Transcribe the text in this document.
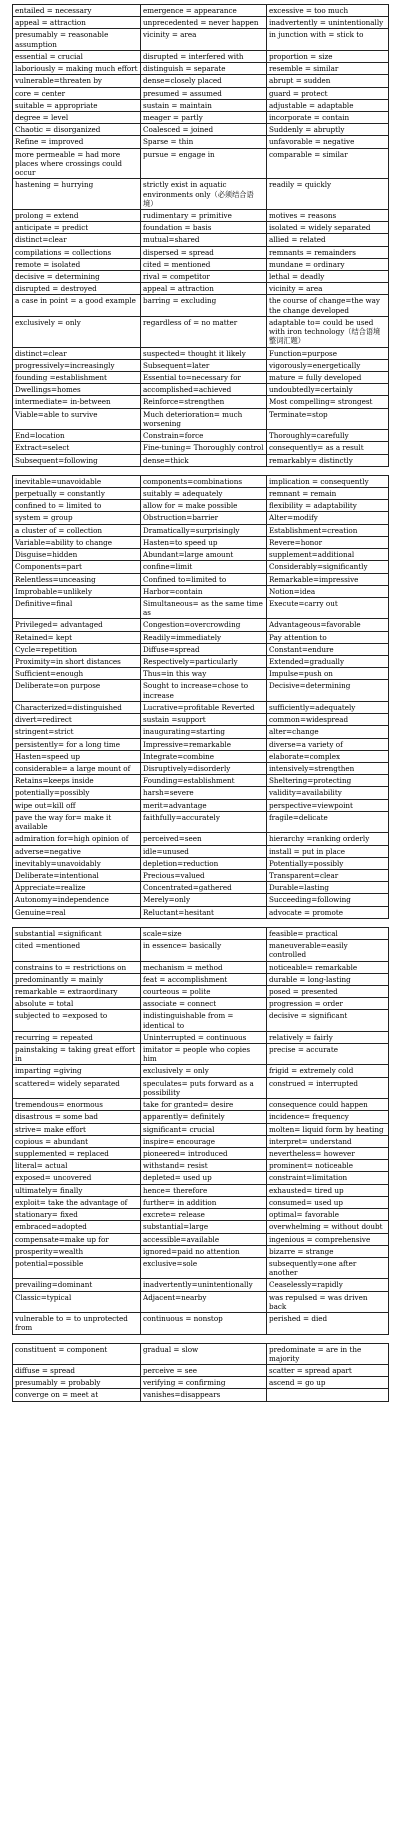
entailed = necessary	emergence = appearance	excessive = too much
appeal = attraction	unprecedented = never happen	inadvertently = unintentionally
presumably = reasonable assumption	vicinity = area	in junction with = stick to
essential = crucial	disrupted = interfered with	proportion = size
laboriously = making much effort	distinguish = separate	resemble = similar
vulnerable=threaten by	dense=closely placed	abrupt = sudden
core = center	presumed = assumed	guard = protect
suitable = appropriate	sustain = maintain	adjustable = adaptable
degree = level	meager = partly	incorporate = contain
Chaotic = disorganized	Coalesced = joined	Suddenly = abruptly
Refine = improved	Sparse = thin	unfavorable = negative
more permeable = had more places where crossings could occur	pursue = engage in	comparable = similar
hastening = hurrying	strictly exist in aquatic environments only（必须结合语境）	readily = quickly
prolong = extend	rudimentary = primitive	motives = reasons
anticipate = predict	foundation = basis	isolated = widely separated
distinct=clear	mutual=shared	allied = related
compilations = collections	dispersed = spread	remnants = remainders
remote = isolated	cited = mentioned	mundane = ordinary
decisive = determining	rival = competitor	lethal = deadly
disrupted = destroyed	appeal = attraction	vicinity = area
a case in point = a good example	barring = excluding	the course of change=the way the change developed
exclusively = only	regardless of = no matter	adaptable to= could be used with iron technology（结合语境整词汇题）
distinct=clear	suspected= thought it likely	Function=purpose
progressively=increasingly	Subsequent=later	vigorously=energetically
founding =establishment	Essential to=necessary for	mature = fully developed
Dwellings=homes	accomplished=achieved	undoubtedly=certainly
intermediate= in-between	Reinforce=strengthen	Most compelling= strongest
Viable=able to survive	Much deterioration= much worsening	Terminate=stop
End=location	Constrain=force	Thoroughly=carefully
Extract=select	Fine-tuning= Thoroughly control	consequently= as a result
Subsequent=following	dense=thick	remarkably= distinctly
inevitable=unavoidable	components=combinations	implication = consequently
perpetually = constantly	suitably = adequately	remnant = remain
confined to = limited to	allow for = make possible	flexibility = adaptability
system = group	Obstruction=barrier	Alter=modify
a cluster of = collection	Dramatically=surprisingly	Establishment=creation
Variable=ability to change	Hasten=to speed up	Revere=honor
Disguise=hidden	Abundant=large amount	supplement=additional
Components=part	confine=limit	Considerably=significantly
Relentless=unceasing	Confined to=limited to	Remarkable=impressive
Improbable=unlikely	Harbor=contain	Notion=idea
Definitive=final	Simultaneous= as the same time as	Execute=carry out
Privileged= advantaged	Congestion=overcrowding	Advantageous=favorable
Retained= kept	Readily=immediately	Pay attention to
Cycle=repetition	Diffuse=spread	Constant=endure
Proximity=in short distances	Respectively=particularly	Extended=gradually
Sufficient=enough	Thus=in this way	Impulse=push on
Deliberate=on purpose	Sought to increase=chose to increase	Decisive=determining
Characterized=distinguished	Lucrative=profitable Reverted	sufficiently=adequately
divert=redirect	sustain =support	common=widespread
stringent=strict	inaugurating=starting	alter=change
persistently= for a long time	Impressive=remarkable	diverse=a variety of
Hasten=speed up	Integrate=combine	elaborate=complex
considerable= a large mount of	Disruptively=disorderly	intensively=strengthen
Retains=keeps inside	Founding=establishment	Sheltering=protecting
potentially=possibly	harsh=severe	validity=availability
wipe out=kill off	merit=advantage	perspective=viewpoint
pave the way for= make it available	faithfully=accurately	fragile=delicate
admiration for=high opinion of	perceived=seen	hierarchy =ranking orderly
adverse=negative	idle=unused	install = put in place
inevitably=unavoidably	depletion=reduction	Potentially=possibly
Deliberate=intentional	Precious=valued	Transparent=clear
Appreciate=realize	Concentrated=gathered	Durable=lasting
Autonomy=independence	Merely=only	Succeeding=following
Genuine=real	Reluctant=hesitant	advocate = promote
substantial =significant	scale=size	feasible= practical
cited =mentioned	in essence= basically	maneuverable=easily controlled
constrains to = restrictions on	mechanism = method	noticeable= remarkable
predominantly = mainly	feat = accomplishment	durable = long-lasting
remarkable = extraordinary	courteous = polite	posed = presented
absolute = total	associate = connect	progression = order
subjected to =exposed to	indistinguishable from = identical to	decisive = significant
recurring = repeated	Uninterrupted = continuous	relatively = fairly
painstaking = taking great effort in	imitator = people who copies him	precise = accurate
imparting =giving	exclusively = only	frigid = extremely cold
scattered= widely separated	speculates= puts forward as a possibility	construed = interrupted
tremendous= enormous	take for granted= desire	consequence could happen
disastrous = some bad	apparently= definitely	incidence= frequency
strive= make effort	significant= crucial	molten= liquid form by heating
copious = abundant	inspire= encourage	interpret= understand
supplemented = replaced	pioneered= introduced	nevertheless= however
literal= actual	withstand= resist	prominent= noticeable
exposed= uncovered	depleted= used up	constraint=limitation
ultimately= finally	hence= therefore	exhausted= tired up
exploit= take the advantage of	further= in addition	consumed= used up
stationary= fixed	excrete= release	optimal= favorable
embraced=adopted	substantial=large	overwhelming = without doubt
compensate=make up for	accessible=available	ingenious = comprehensive
prosperity=wealth	ignored=paid no attention	bizarre = strange
potential=possible	exclusive=sole	subsequently=one after another
prevailing=dominant	inadvertently=unintentionally	Ceaselessly=rapidly
Classic=typical	Adjacent=nearby	was repulsed = was driven back
vulnerable to = to unprotected from	continuous = nonstop	perished = died
constituent = component	gradual = slow	predominate = are in the majority
diffuse = spread	perceive = see	scatter = spread apart
presumably = probably	verifying = confirming	ascend = go up
converge on = meet at	vanishes=disappears	
